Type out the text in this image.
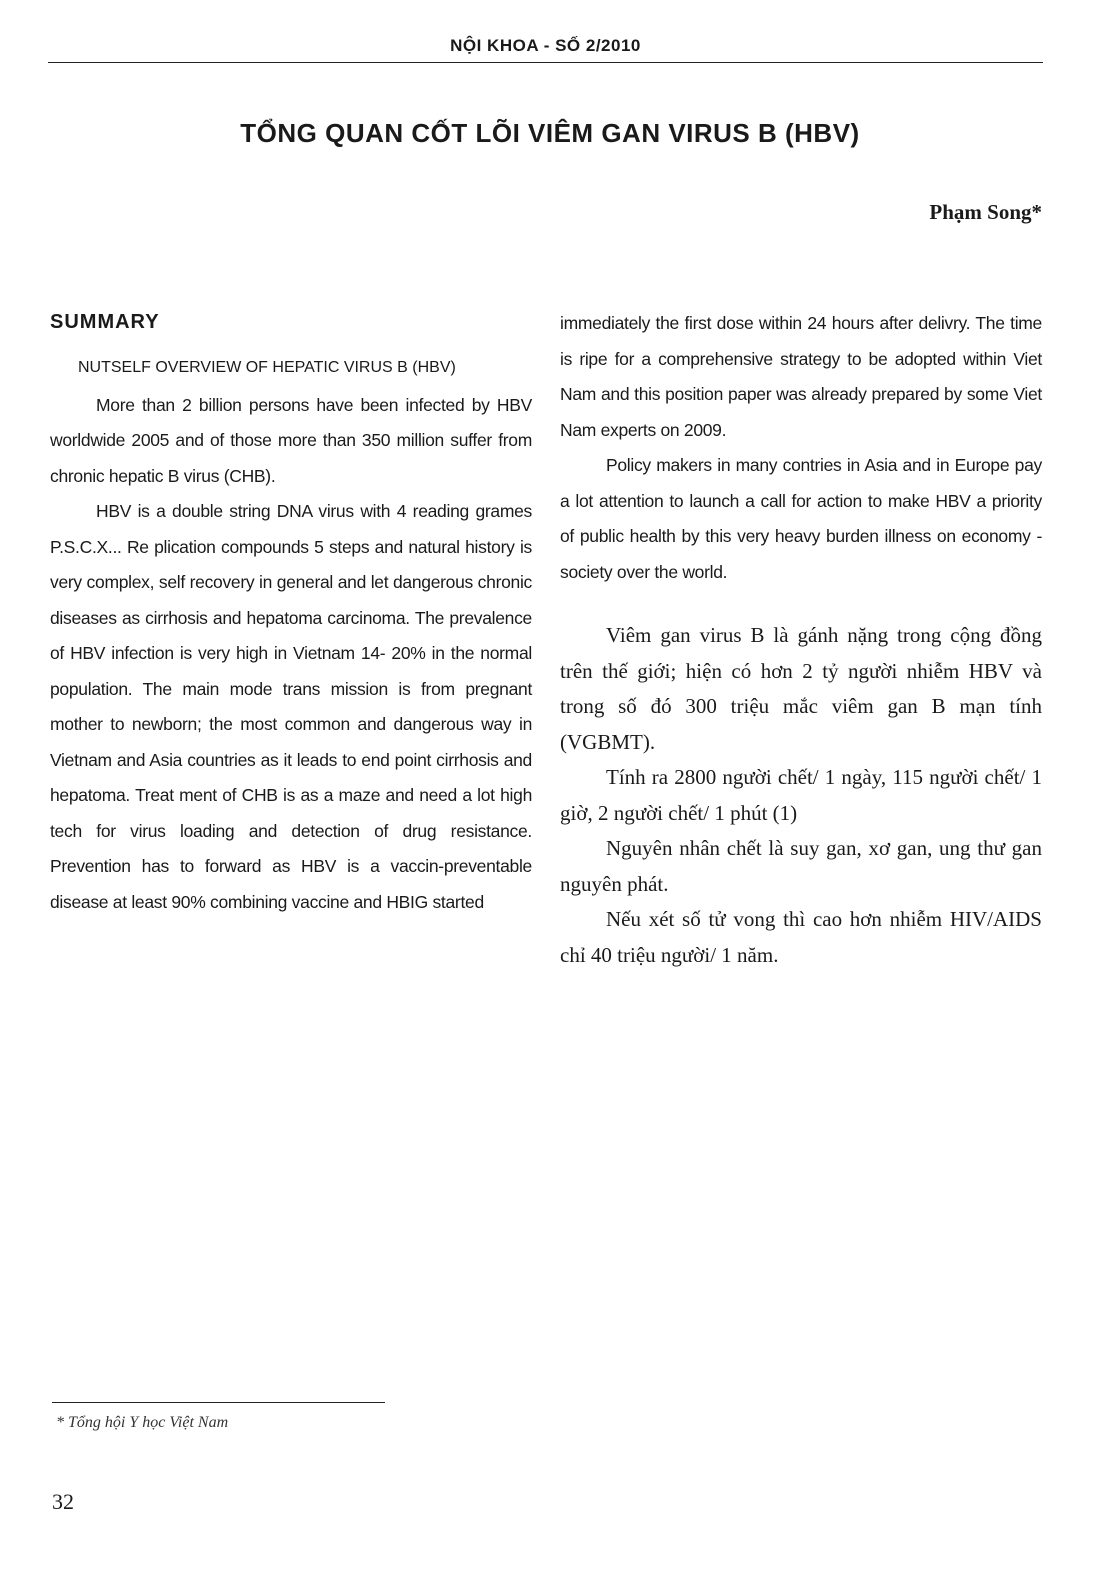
NỘI KHOA - SỐ 2/2010
TỔNG QUAN CỐT LÕI VIÊM GAN VIRUS B (HBV)
Phạm Song*
SUMMARY
NUTSELF OVERVIEW OF HEPATIC VIRUS B (HBV)

More than 2 billion persons have been infected by HBV worldwide 2005 and of those more than 350 million suffer from chronic hepatic B virus (CHB).

HBV is a double string DNA virus with 4 reading grames P.S.C.X... Re plication compounds 5 steps and natural history is very complex, self recovery in general and let dangerous chronic diseases as cirrhosis and hepatoma carcinoma. The prevalence of HBV infection is very high in Vietnam 14- 20% in the normal population. The main mode trans mission is from pregnant mother to newborn; the most common and dangerous way in Vietnam and Asia countries as it leads to end point cirrhosis and hepatoma. Treat ment of CHB is as a maze and need a lot high tech for virus loading and detection of drug resistance. Prevention has to forward as HBV is a vaccin-preventable disease at least 90% combining vaccine and HBIG started

immediately the first dose within 24 hours after delivry. The time is ripe for a comprehensive strategy to be adopted within Viet Nam and this position paper was already prepared by some Viet Nam experts on 2009.

Policy makers in many contries in Asia and in Europe pay a lot attention to launch a call for action to make HBV a priority of public health by this very heavy burden illness on economy - society over the world.

Viêm gan virus B là gánh nặng trong cộng đồng trên thế giới; hiện có hơn 2 tỷ người nhiễm HBV và trong số đó 300 triệu mắc viêm gan B mạn tính (VGBMT).

Tính ra 2800 người chết/ 1 ngày, 115 người chết/ 1 giờ, 2 người chết/ 1 phút (1)

Nguyên nhân chết là suy gan, xơ gan, ung thư gan nguyên phát.

Nếu xét số tử vong thì cao hơn nhiễm HIV/AIDS chỉ 40 triệu người/ 1 năm.

* Tổng hội Y học Việt Nam
32
